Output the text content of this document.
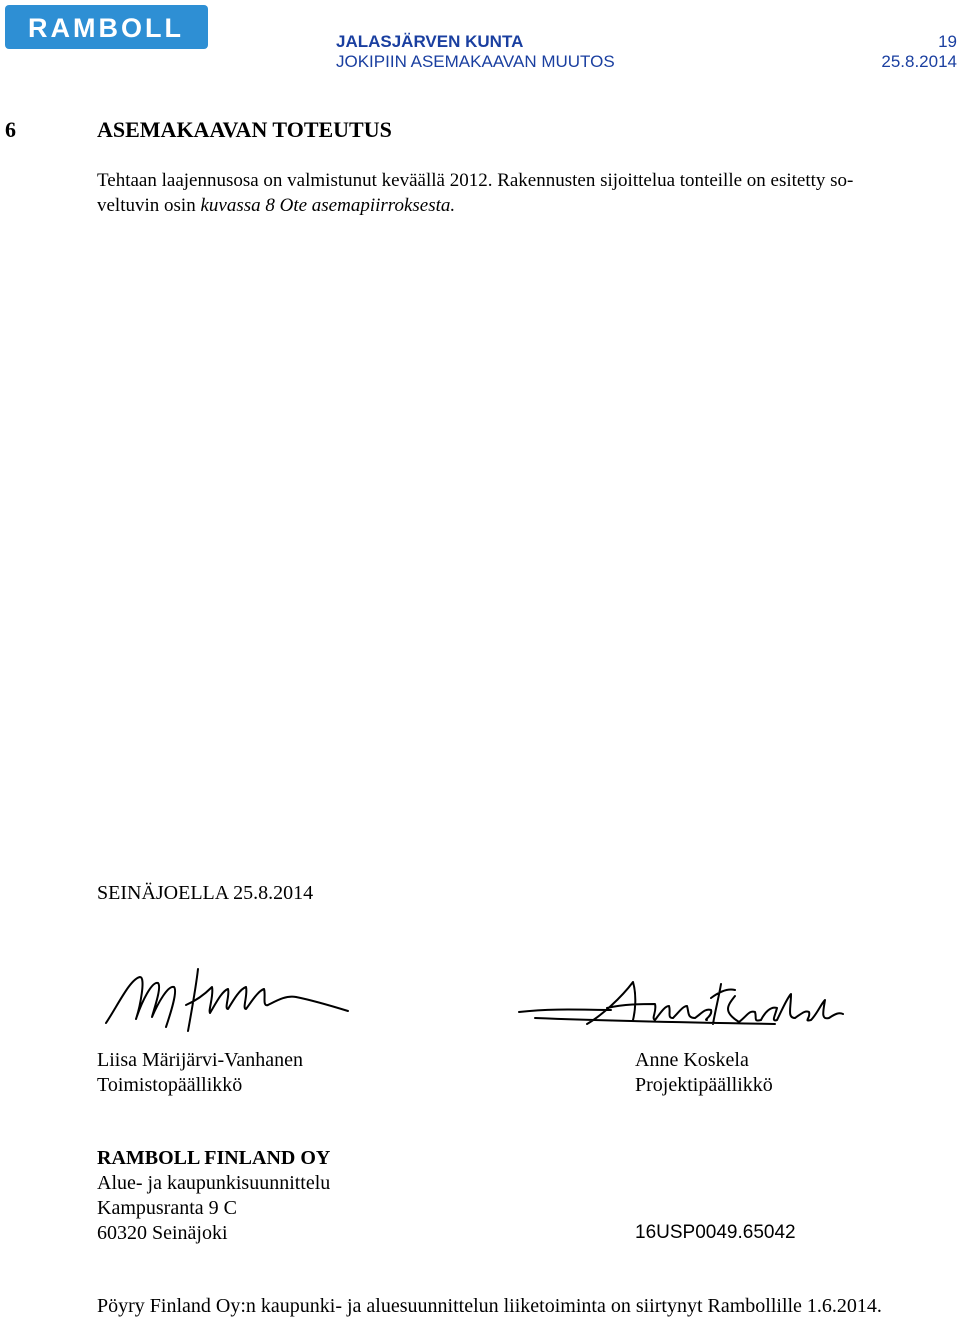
RAMBOLL	JALASJÄRVEN KUNTA	19
JOKIPIIN ASEMAKAAVAN MUUTOS	25.8.2014
6	ASEMAKAAVAN TOTEUTUS
Tehtaan laajennusosa on valmistunut keväällä 2012. Rakennusten sijoittelua tonteille on esitetty so-
veltuvin osin kuvassa 8 Ote asemapiirroksesta.
SEINÄJOELLA 25.8.2014
Liisa Märijärvi-Vanhanen
Toimistopäällikkö
Anne Koskela
Projektipäällikkö
RAMBOLL FINLAND OY
Alue- ja kaupunkisuunnittelu
Kampusranta 9 C
60320 Seinäjoki	16USP0049.65042
Pöyry Finland Oy:n kaupunki- ja aluesuunnittelun liiketoiminta on siirtynyt Rambollille 1.6.2014.
